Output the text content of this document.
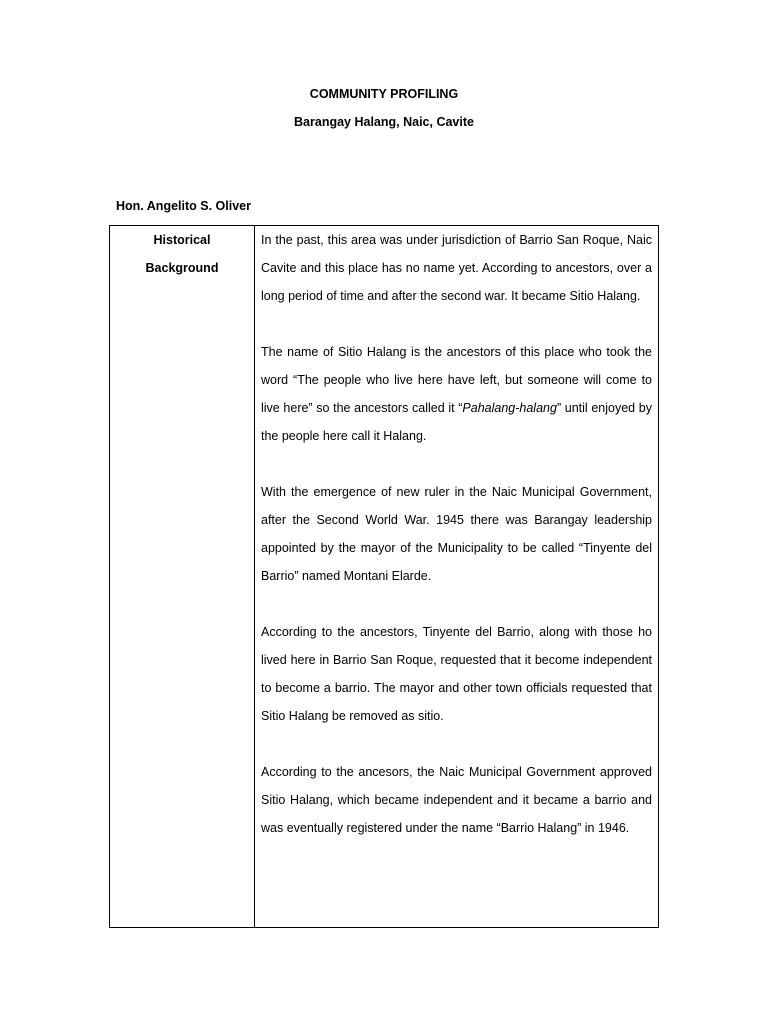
COMMUNITY PROFILING
Barangay Halang, Naic, Cavite
Hon. Angelito S. Oliver
Historical
Background

In the past, this area was under jurisdiction of Barrio San Roque, Naic Cavite and this place has no name yet. According to ancestors, over a long period of time and after the second war. It became Sitio Halang.

The name of Sitio Halang is the ancestors of this place who took the word “The people who live here have left, but someone will come to live here” so the ancestors called it “Pahalang-halang” until enjoyed by the people here call it Halang.

With the emergence of new ruler in the Naic Municipal Government, after the Second World War. 1945 there was Barangay leadership appointed by the mayor of the Municipality to be called “Tinyente del Barrio” named Montani Elarde.

According to the ancestors, Tinyente del Barrio, along with those ho lived here in Barrio San Roque, requested that it become independent to become a barrio. The mayor and other town officials requested that Sitio Halang be removed as sitio.

According to the ancesors, the Naic Municipal Government approved Sitio Halang, which became independent and it became a barrio and was eventually registered under the name “Barrio Halang” in 1946.
